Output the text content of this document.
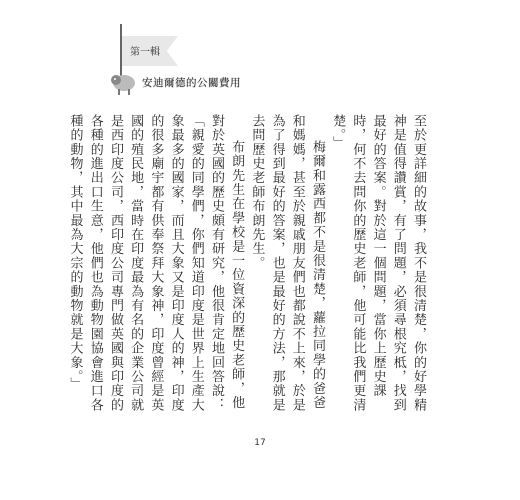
第一輯
安迪爾德的公關費用

至於更詳細的故事，我不是很清楚，你的好學精神是值得讚賞，有了問題，必須尋根究柢，找到最好的答案。對於這一個問題，當你上歷史課時，何不去問你的歷史老師，他可能比我們更清楚。」

梅爾和露西都不是很清楚，蘿拉同學的爸爸和媽媽，甚至於親戚朋友們也都說不上來，於是為了得到最好的答案，也是最好的方法，那就是去問歷史老師布朗先生。

布朗先生在學校是一位資深的歷史老師，他對於英國的歷史頗有研究，他很肯定地回答說：「親愛的同學們，你們知道印度是世界上生產大象最多的國家，而且大象又是印度人的神，印度的很多廟宇都有供奉祭拜大象神，印度曾經是英國的殖民地，當時在印度最為有名的企業公司就是西印度公司，西印度公司專門做英國與印度的各種的進出口生意，他們也為動物園協會進口各種的動物，其中最為大宗的動物就是大象。」

17
